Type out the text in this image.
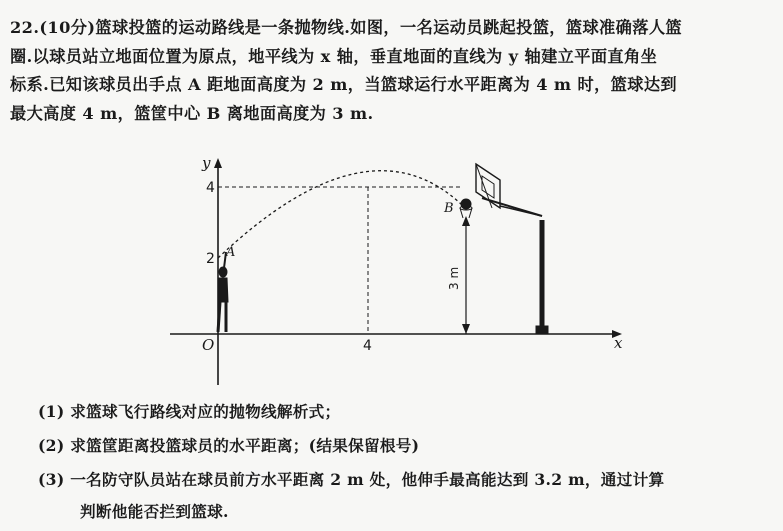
22.(10分)篮球投篮的运动路线是一条抛物线.如图，一名运动员跳起投篮，篮球准确落人篮
圈.以球员站立地面位置为原点，地平线为 x 轴，垂直地面的直线为 y 轴建立平面直角坐
标系.已知该球员出手点 A 距地面高度为 2 m，当篮球运行水平距离为 4 m 时，篮球达到
最大高度 4 m，篮筐中心 B 离地面高度为 3 m.
y
x
O
4
2
4
A
B
3 m
(1) 求篮球飞行路线对应的抛物线解析式；
(2) 求篮筐距离投篮球员的水平距离；(结果保留根号)
(3) 一名防守队员站在球员前方水平距离 2 m 处，他伸手最高能达到 3.2 m，通过计算
判断他能否拦到篮球.
